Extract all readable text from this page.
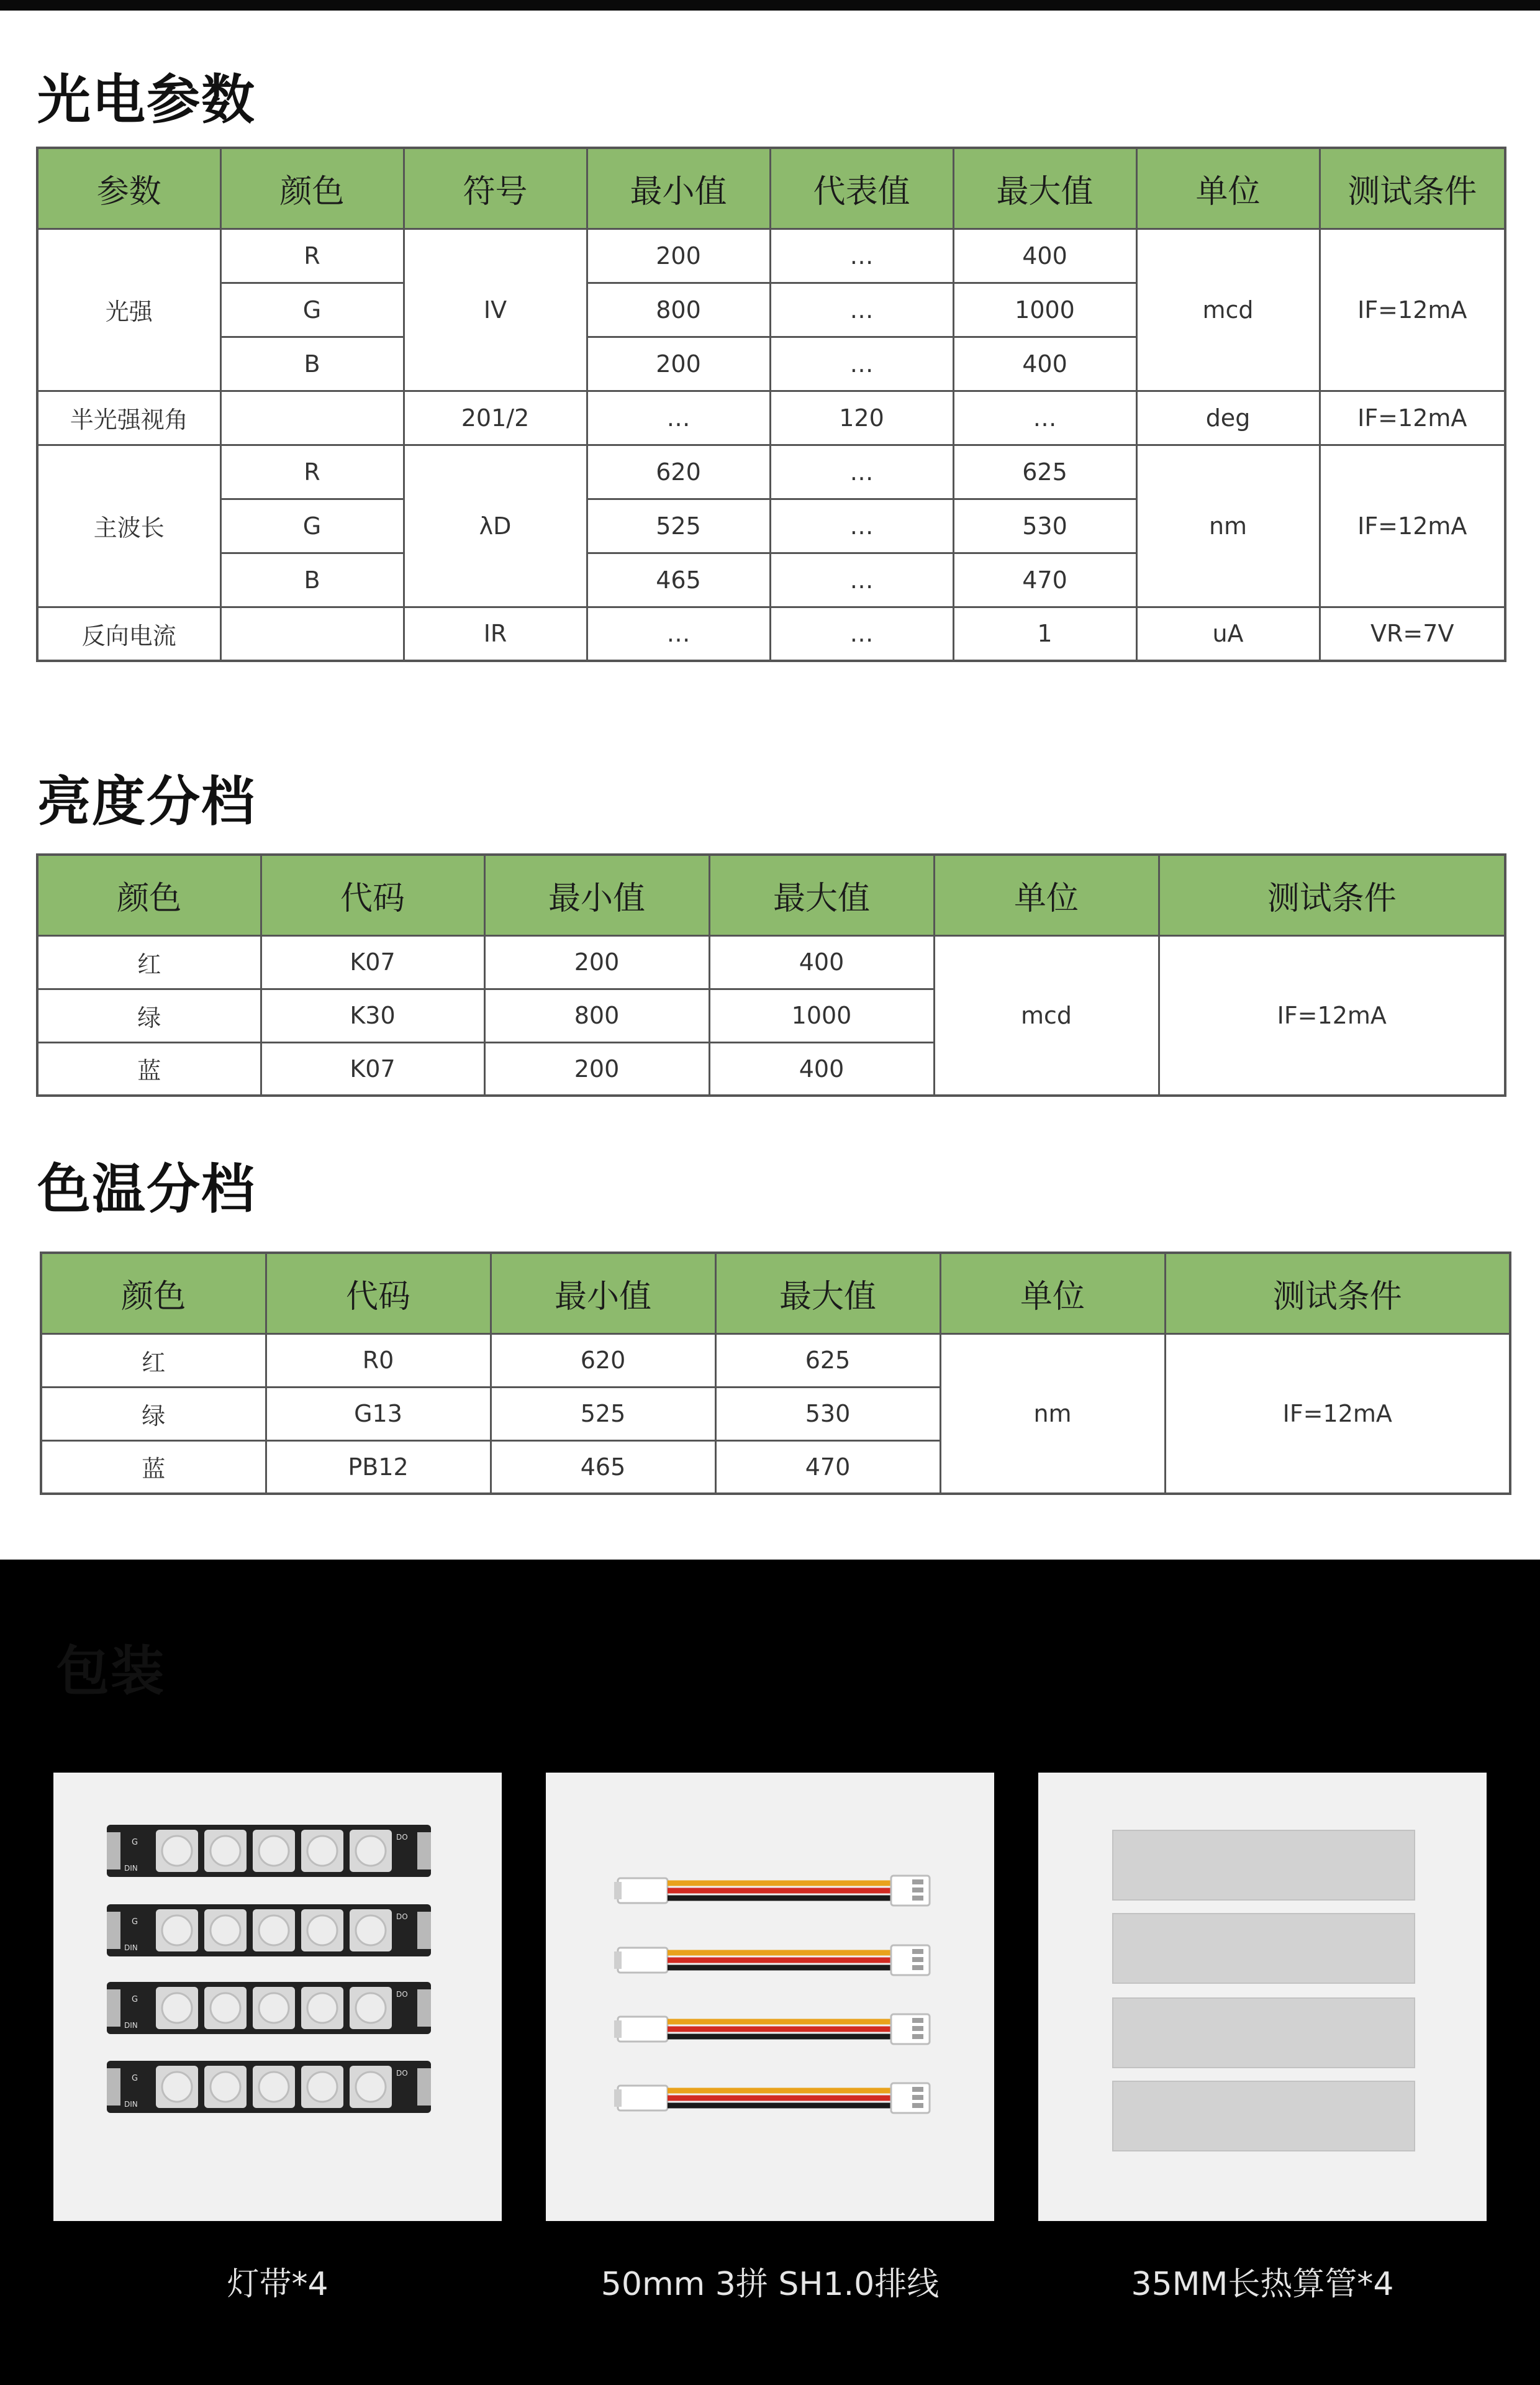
光电参数
参数	颜色	符号	最小值	代表值	最大值	单位	测试条件
光强	R	IV	200	…	400	mcd	IF=12mA
	G		800	…	1000		
	B		200	…	400		
半光强视角		201/2	…	120	…	deg	IF=12mA
主波长	R	λD	620	…	625	nm	IF=12mA
	G		525	…	530		
	B		465	…	470		
反向电流		IR	…	…	1	uA	VR=7V
亮度分档
颜色	代码	最小值	最大值	单位	测试条件
红	K07	200	400	mcd	IF=12mA
绿	K30	800	1000		
蓝	K07	200	400		
色温分档
颜色	代码	最小值	最大值	单位	测试条件
红	R0	620	625	nm	IF=12mA
绿	G13	525	530		
蓝	PB12	465	470		
包装
G
DIN
DO
G
DIN
DO
G
DIN
DO
G
DIN
DO
灯带*4	50mm 3拼 SH1.0排线	35MM长热算管*4
